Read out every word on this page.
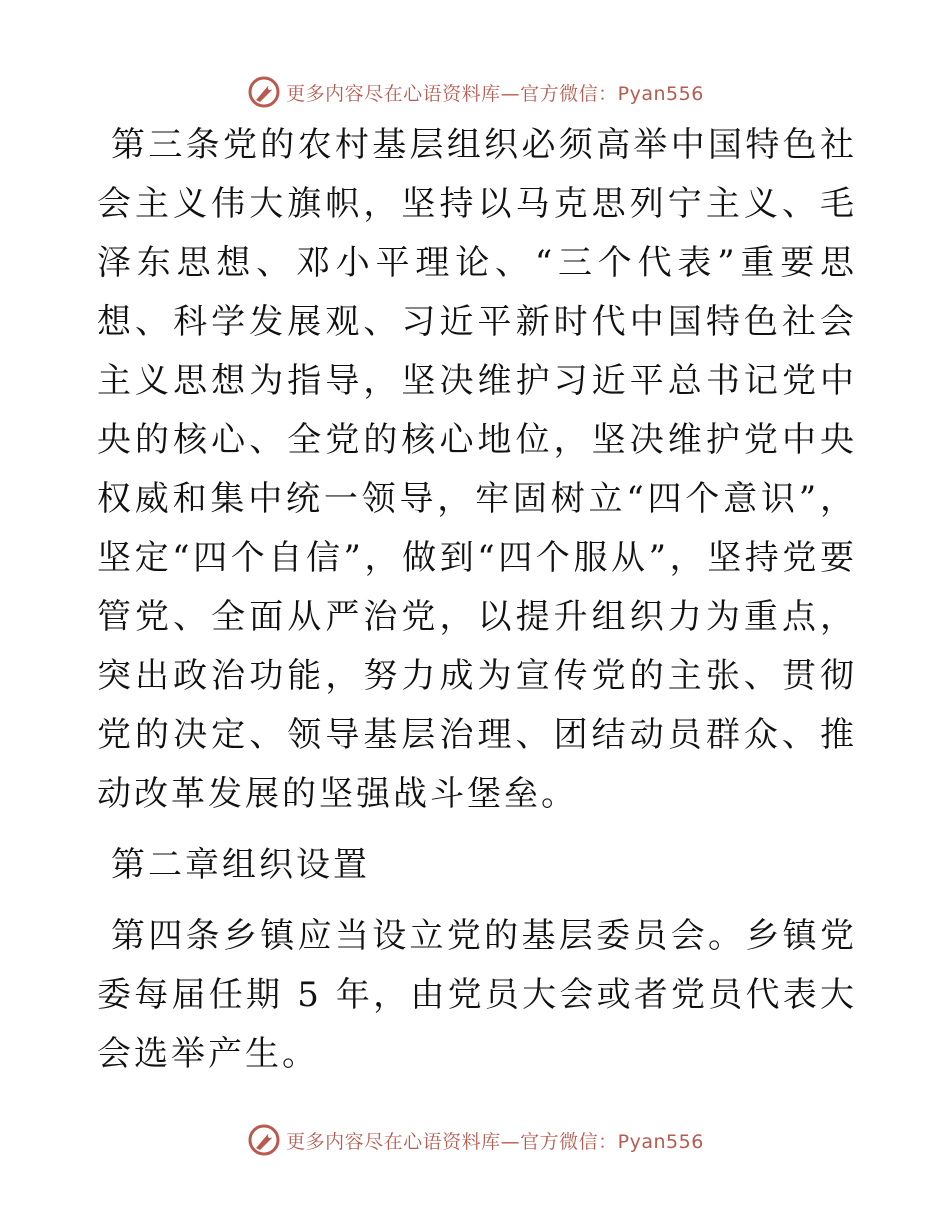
更多内容尽在心语资料库—官方微信：Pyan556

第三条党的农村基层组织必须高举中国特色社会主义伟大旗帜，坚持以马克思列宁主义、毛泽东思想、邓小平理论、“三个代表”重要思想、科学发展观、习近平新时代中国特色社会主义思想为指导，坚决维护习近平总书记党中央的核心、全党的核心地位，坚决维护党中央权威和集中统一领导，牢固树立“四个意识”，坚定“四个自信”，做到“四个服从”，坚持党要管党、全面从严治党，以提升组织力为重点，突出政治功能，努力成为宣传党的主张、贯彻党的决定、领导基层治理、团结动员群众、推动改革发展的坚强战斗堡垒。

第二章组织设置

第四条乡镇应当设立党的基层委员会。乡镇党委每届任期 5 年，由党员大会或者党员代表大会选举产生。

更多内容尽在心语资料库—官方微信：Pyan556
